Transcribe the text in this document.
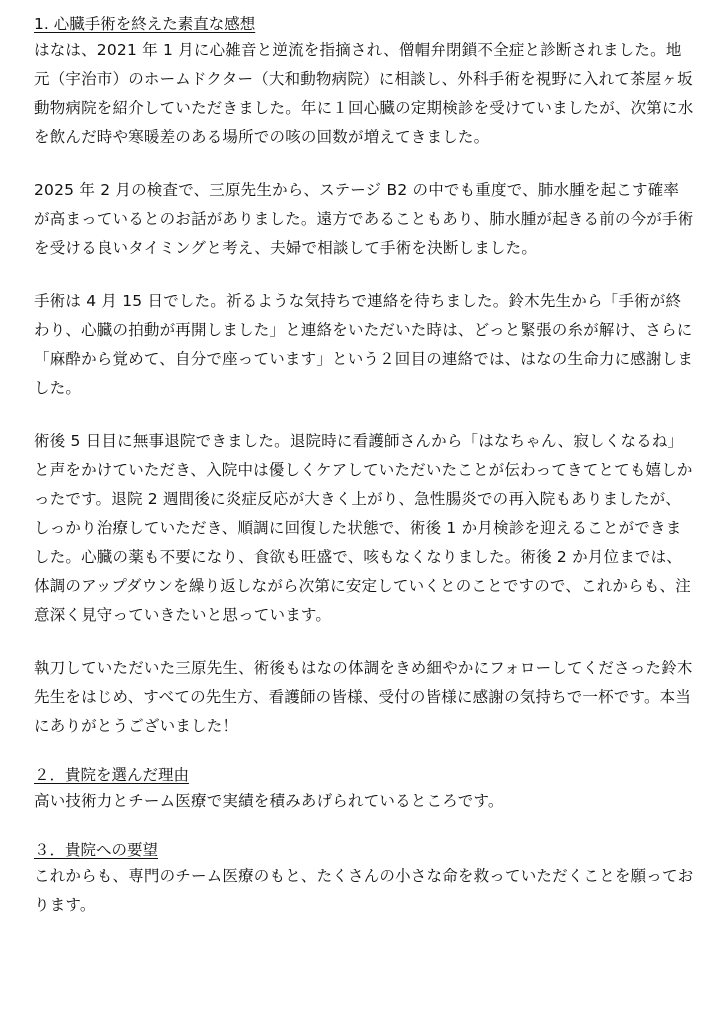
1. 心臓手術を終えた素直な感想

はなは、2021 年 1 月に心雑音と逆流を指摘され、僧帽弁閉鎖不全症と診断されました。地元（宇治市）のホームドクター（大和動物病院）に相談し、外科手術を視野に入れて茶屋ヶ坂動物病院を紹介していただきました。年に１回心臓の定期検診を受けていましたが、次第に水を飲んだ時や寒暖差のある場所での咳の回数が増えてきました。

2025 年 2 月の検査で、三原先生から、ステージ B2 の中でも重度で、肺水腫を起こす確率が高まっているとのお話がありました。遠方であることもあり、肺水腫が起きる前の今が手術を受ける良いタイミングと考え、夫婦で相談して手術を決断しました。

手術は 4 月 15 日でした。祈るような気持ちで連絡を待ちました。鈴木先生から「手術が終わり、心臓の拍動が再開しました」と連絡をいただいた時は、どっと緊張の糸が解け、さらに「麻酔から覚めて、自分で座っています」という２回目の連絡では、はなの生命力に感謝しました。

術後 5 日目に無事退院できました。退院時に看護師さんから「はなちゃん、寂しくなるね」と声をかけていただき、入院中は優しくケアしていただいたことが伝わってきてとても嬉しかったです。退院 2 週間後に炎症反応が大きく上がり、急性腸炎での再入院もありましたが、しっかり治療していただき、順調に回復した状態で、術後 1 か月検診を迎えることができました。心臓の薬も不要になり、食欲も旺盛で、咳もなくなりました。術後 2 か月位までは、体調のアップダウンを繰り返しながら次第に安定していくとのことですので、これからも、注意深く見守っていきたいと思っています。

執刀していただいた三原先生、術後もはなの体調をきめ細やかにフォローしてくださった鈴木先生をはじめ、すべての先生方、看護師の皆様、受付の皆様に感謝の気持ちで一杯です。本当にありがとうございました！

２．貴院を選んだ理由

高い技術力とチーム医療で実績を積みあげられているところです。

３．貴院への要望

これからも、専門のチーム医療のもと、たくさんの小さな命を救っていただくことを願っております。
